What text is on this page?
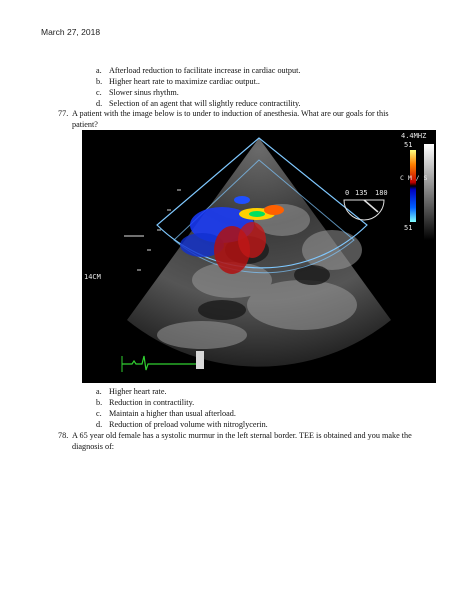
March 27, 2018
a. Afterload reduction to facilitate increase in cardiac output.
b. Higher heart rate to maximize cardiac output..
c. Slower sinus rhythm.
d. Selection of an agent that will slightly reduce contractility.
77. A patient with the image below is to under to induction of anesthesia. What are our goals for this patient?
4.4MHZ
51
C M / S
51
0 135 180
14CM
a. Higher heart rate.
b. Reduction in contractility.
c. Maintain a higher than usual afterload.
d. Reduction of preload volume with nitroglycerin.
78. A 65 year old female has a systolic murmur in the left sternal border. TEE is obtained and you make the diagnosis of:
